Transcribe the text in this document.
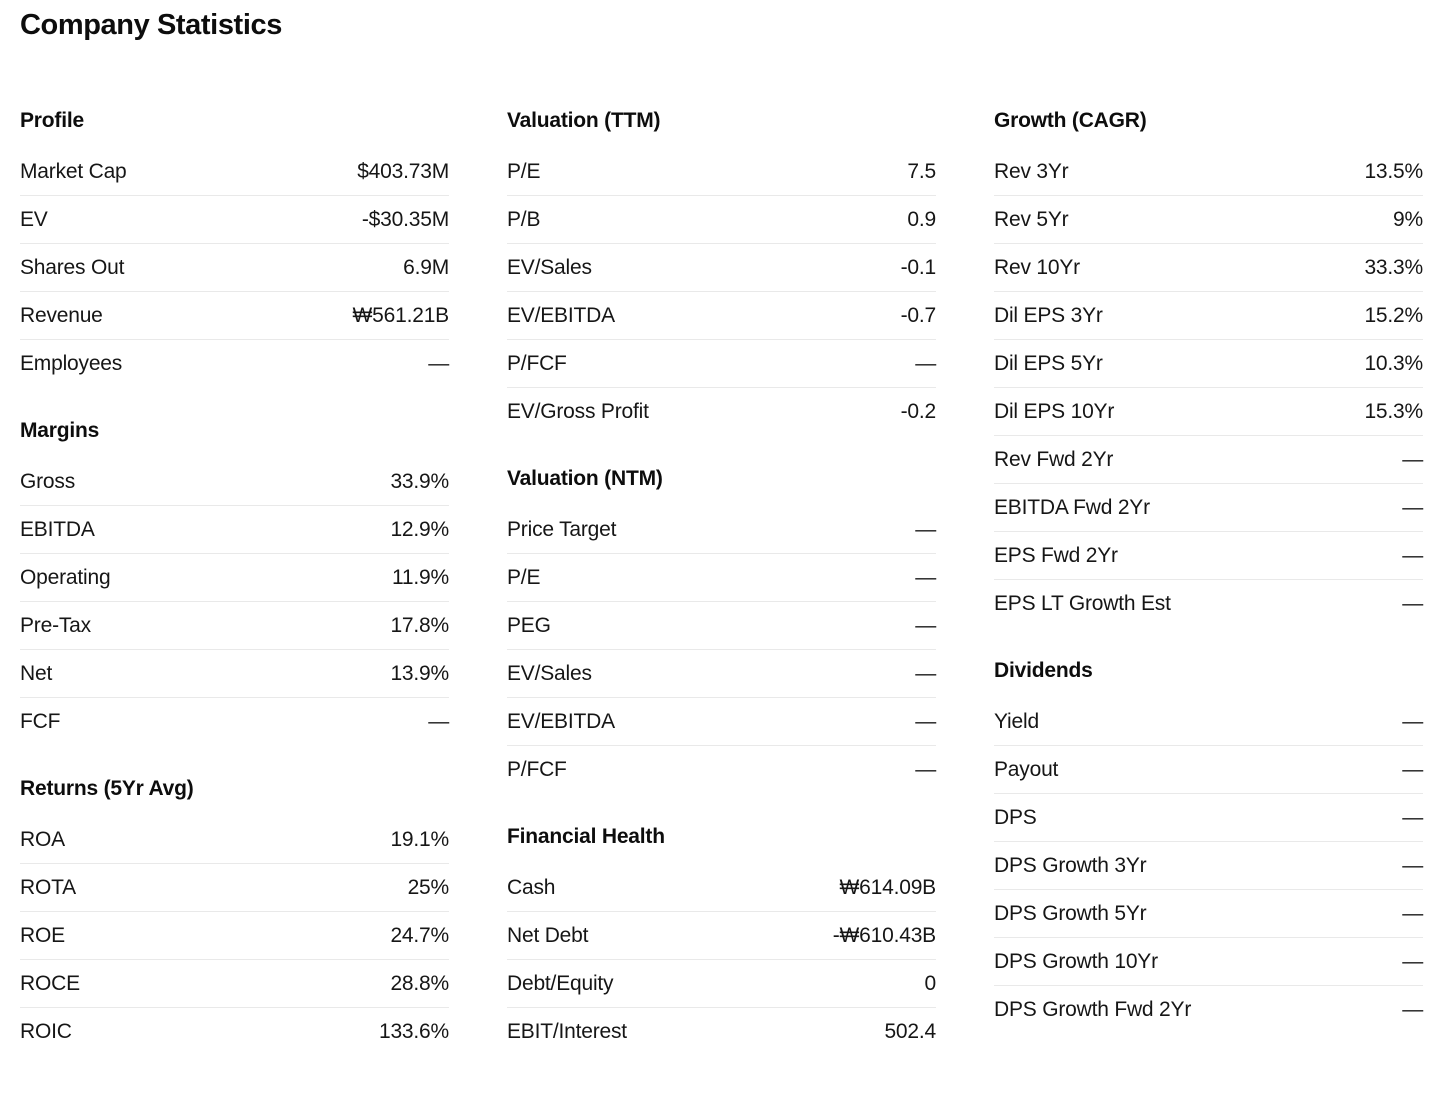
Company Statistics
Profile
Market Cap	$403.73M
EV	-$30.35M
Shares Out	6.9M
Revenue	₩561.21B
Employees	—
Margins
Gross	33.9%
EBITDA	12.9%
Operating	11.9%
Pre-Tax	17.8%
Net	13.9%
FCF	—
Returns (5Yr Avg)
ROA	19.1%
ROTA	25%
ROE	24.7%
ROCE	28.8%
ROIC	133.6%
Valuation (TTM)
P/E	7.5
P/B	0.9
EV/Sales	-0.1
EV/EBITDA	-0.7
P/FCF	—
EV/Gross Profit	-0.2
Valuation (NTM)
Price Target	—
P/E	—
PEG	—
EV/Sales	—
EV/EBITDA	—
P/FCF	—
Financial Health
Cash	₩614.09B
Net Debt	-₩610.43B
Debt/Equity	0
EBIT/Interest	502.4
Growth (CAGR)
Rev 3Yr	13.5%
Rev 5Yr	9%
Rev 10Yr	33.3%
Dil EPS 3Yr	15.2%
Dil EPS 5Yr	10.3%
Dil EPS 10Yr	15.3%
Rev Fwd 2Yr	—
EBITDA Fwd 2Yr	—
EPS Fwd 2Yr	—
EPS LT Growth Est	—
Dividends
Yield	—
Payout	—
DPS	—
DPS Growth 3Yr	—
DPS Growth 5Yr	—
DPS Growth 10Yr	—
DPS Growth Fwd 2Yr	—
